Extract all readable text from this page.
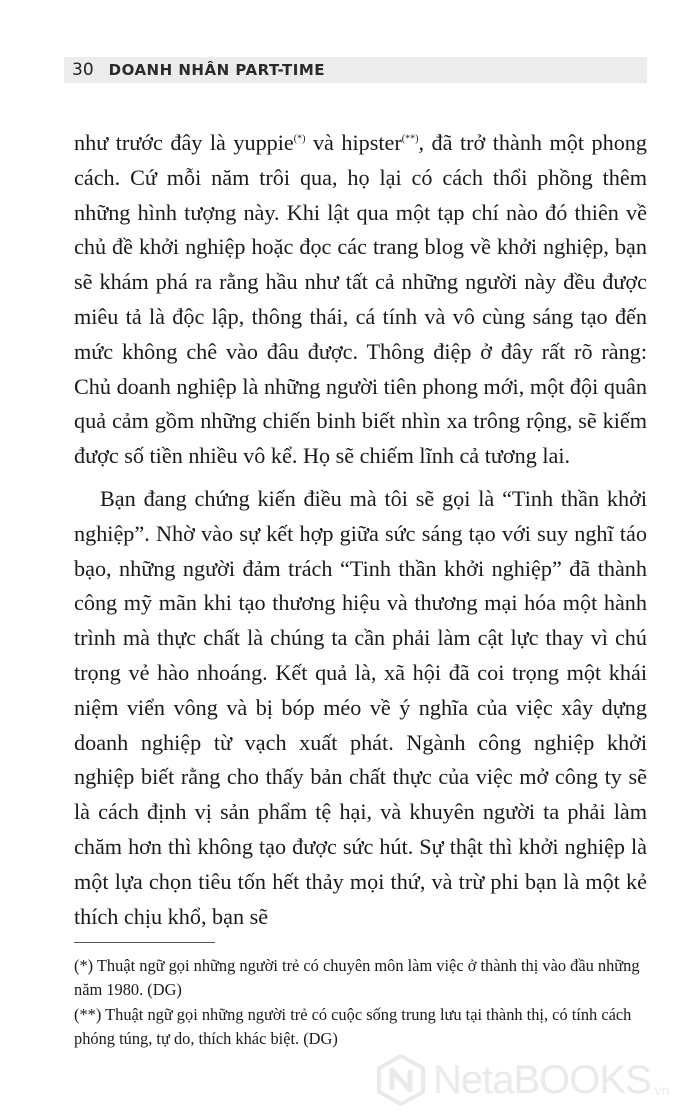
30 DOANH NHÂN PART-TIME

như trước đây là yuppie(*) và hipster(**), đã trở thành một phong cách. Cứ mỗi năm trôi qua, họ lại có cách thổi phồng thêm những hình tượng này. Khi lật qua một tạp chí nào đó thiên về chủ đề khởi nghiệp hoặc đọc các trang blog về khởi nghiệp, bạn sẽ khám phá ra rằng hầu như tất cả những người này đều được miêu tả là độc lập, thông thái, cá tính và vô cùng sáng tạo đến mức không chê vào đâu được. Thông điệp ở đây rất rõ ràng: Chủ doanh nghiệp là những người tiên phong mới, một đội quân quả cảm gồm những chiến binh biết nhìn xa trông rộng, sẽ kiếm được số tiền nhiều vô kể. Họ sẽ chiếm lĩnh cả tương lai.

Bạn đang chứng kiến điều mà tôi sẽ gọi là “Tinh thần khởi nghiệp”. Nhờ vào sự kết hợp giữa sức sáng tạo với suy nghĩ táo bạo, những người đảm trách “Tinh thần khởi nghiệp” đã thành công mỹ mãn khi tạo thương hiệu và thương mại hóa một hành trình mà thực chất là chúng ta cần phải làm cật lực thay vì chú trọng vẻ hào nhoáng. Kết quả là, xã hội đã coi trọng một khái niệm viển vông và bị bóp méo về ý nghĩa của việc xây dựng doanh nghiệp từ vạch xuất phát. Ngành công nghiệp khởi nghiệp biết rằng cho thấy bản chất thực của việc mở công ty sẽ là cách định vị sản phẩm tệ hại, và khuyên người ta phải làm chăm hơn thì không tạo được sức hút. Sự thật thì khởi nghiệp là một lựa chọn tiêu tốn hết thảy mọi thứ, và trừ phi bạn là một kẻ thích chịu khổ, bạn sẽ

(*) Thuật ngữ gọi những người trẻ có chuyên môn làm việc ở thành thị vào đầu những năm 1980. (DG)

(**) Thuật ngữ gọi những người trẻ có cuộc sống trung lưu tại thành thị, có tính cách phóng túng, tự do, thích khác biệt. (DG)

NetaBOOKS .vn
